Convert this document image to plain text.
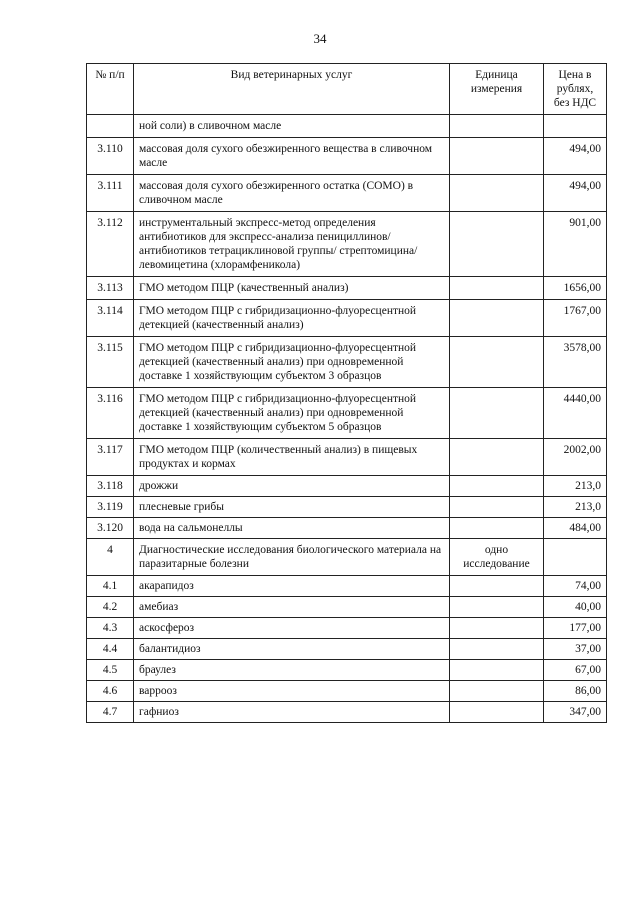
34
№ п/п	Вид ветеринарных услуг	Единица измерения	Цена в рублях, без НДС
	ной соли) в сливочном масле		
3.110	массовая доля сухого обезжиренного вещества в сливочном масле		494,00
3.111	массовая доля сухого обезжиренного остатка (СОМО) в сливочном масле		494,00
3.112	инструментальный экспресс-метод определения антибиотиков для экспресс-анализа пенициллинов/ антибиотиков тетрациклиновой группы/ стрептомицина/ левомицетина (хлорамфеникола)		901,00
3.113	ГМО методом ПЦР (качественный анализ)		1656,00
3.114	ГМО методом ПЦР с гибридизационно-флуоресцентной детекцией (качественный анализ)		1767,00
3.115	ГМО методом ПЦР с гибридизационно-флуоресцентной детекцией (качественный анализ) при одновременной доставке 1 хозяйствующим субъектом 3 образцов		3578,00
3.116	ГМО методом ПЦР с гибридизационно-флуоресцентной детекцией (качественный анализ) при одновременной доставке 1 хозяйствующим субъектом 5 образцов		4440,00
3.117	ГМО методом ПЦР (количественный анализ) в пищевых продуктах и кормах		2002,00
3.118	дрожжи		213,0
3.119	плесневые грибы		213,0
3.120	вода на сальмонеллы		484,00
4	Диагностические исследования биологического материала на паразитарные болезни	одно исследование	
4.1	акарапидоз		74,00
4.2	амебиаз		40,00
4.3	аскосфероз		177,00
4.4	балантидиоз		37,00
4.5	браулез		67,00
4.6	варрооз		86,00
4.7	гафниоз		347,00
